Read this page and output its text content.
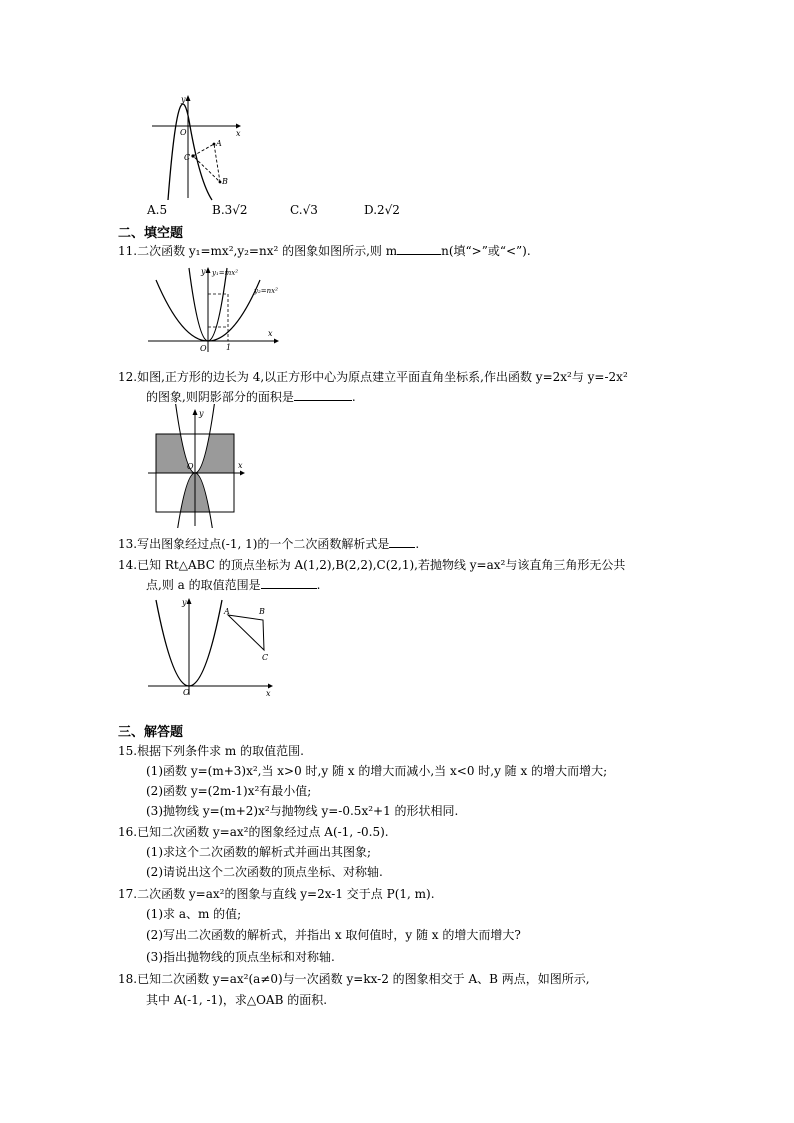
y
x
O
C
A
B
A.5	B.3√2	C.√3	D.2√2
二、填空题
11.二次函数 y₁=mx²,y₂=nx² 的图象如图所示,则 m	n(填“>”或“<”).
y y₁=mx²
y₂=nx²
x
O 1
12.如图,正方形的边长为 4,以正方形中心为原点建立平面直角坐标系,作出函数 y=2x²与 y=-2x²
的图象,则阴影部分的面积是	.
y
x
O
13.写出图象经过点(-1, 1)的一个二次函数解析式是 .
14.已知 Rt△ABC 的顶点坐标为 A(1,2),B(2,2),C(2,1),若抛物线 y=ax²与该直角三角形无公共
点,则 a 的取值范围是	.
y
x
O
A	B
C
三、解答题
15.根据下列条件求 m 的取值范围.
(1)函数 y=(m+3)x²,当 x>0 时,y 随 x 的增大而减小,当 x<0 时,y 随 x 的增大而增大;
(2)函数 y=(2m-1)x²有最小值;
(3)抛物线 y=(m+2)x²与抛物线 y=-0.5x²+1 的形状相同.
16.已知二次函数 y=ax²的图象经过点 A(-1, -0.5).
(1)求这个二次函数的解析式并画出其图象;
(2)请说出这个二次函数的顶点坐标、对称轴.
17.二次函数 y=ax²的图象与直线 y=2x-1 交于点 P(1, m).
(1)求 a、m 的值;
(2)写出二次函数的解析式，并指出 x 取何值时，y 随 x 的增大而增大?
(3)指出抛物线的顶点坐标和对称轴.
18.已知二次函数 y=ax²(a≠0)与一次函数 y=kx-2 的图象相交于 A、B 两点，如图所示,
其中 A(-1, -1)，求△OAB 的面积.
